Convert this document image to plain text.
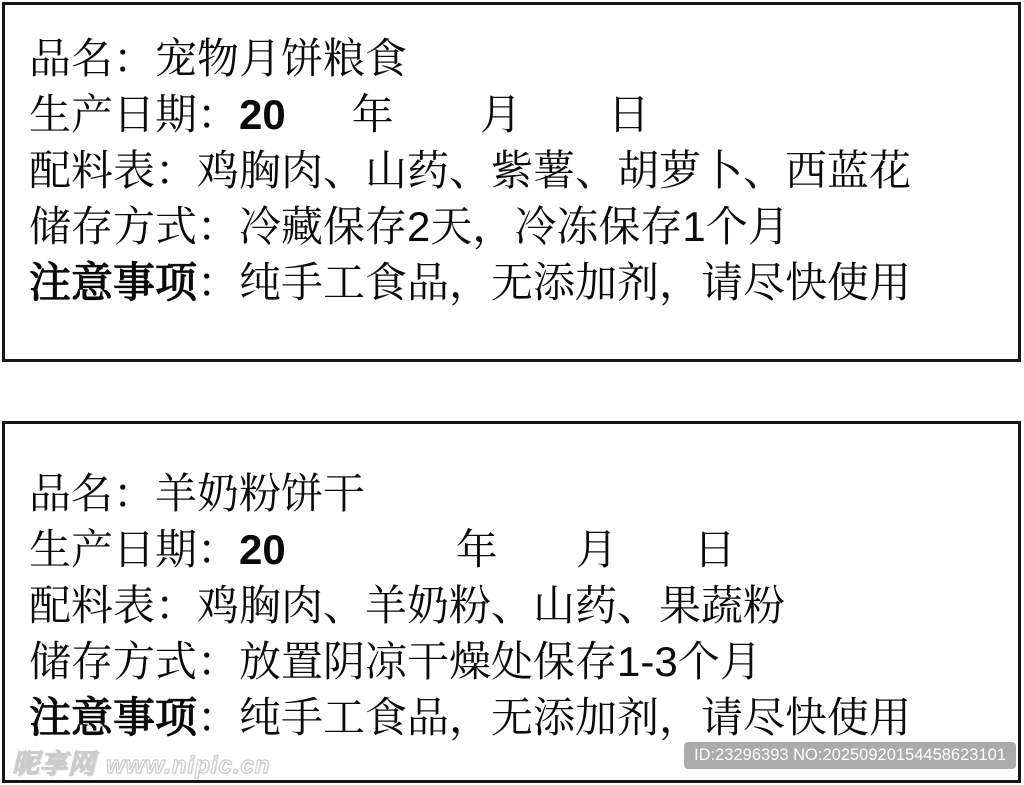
品名：宠物月饼粮食
生产日期：20 年 月 日
配料表：鸡胸肉、山药、紫薯、胡萝卜、西蓝花
储存方式：冷藏保存2天，冷冻保存1个月
注意事项：纯手工食品，无添加剂，请尽快使用
品名：羊奶粉饼干
生产日期：20	年 月 日
配料表：鸡胸肉、羊奶粉、山药、果蔬粉
储存方式：放置阴凉干燥处保存1-3个月
注意事项：纯手工食品，无添加剂，请尽快使用
昵享网 www.nipic.cn	ID:23296393 NO:20250920154458623101
